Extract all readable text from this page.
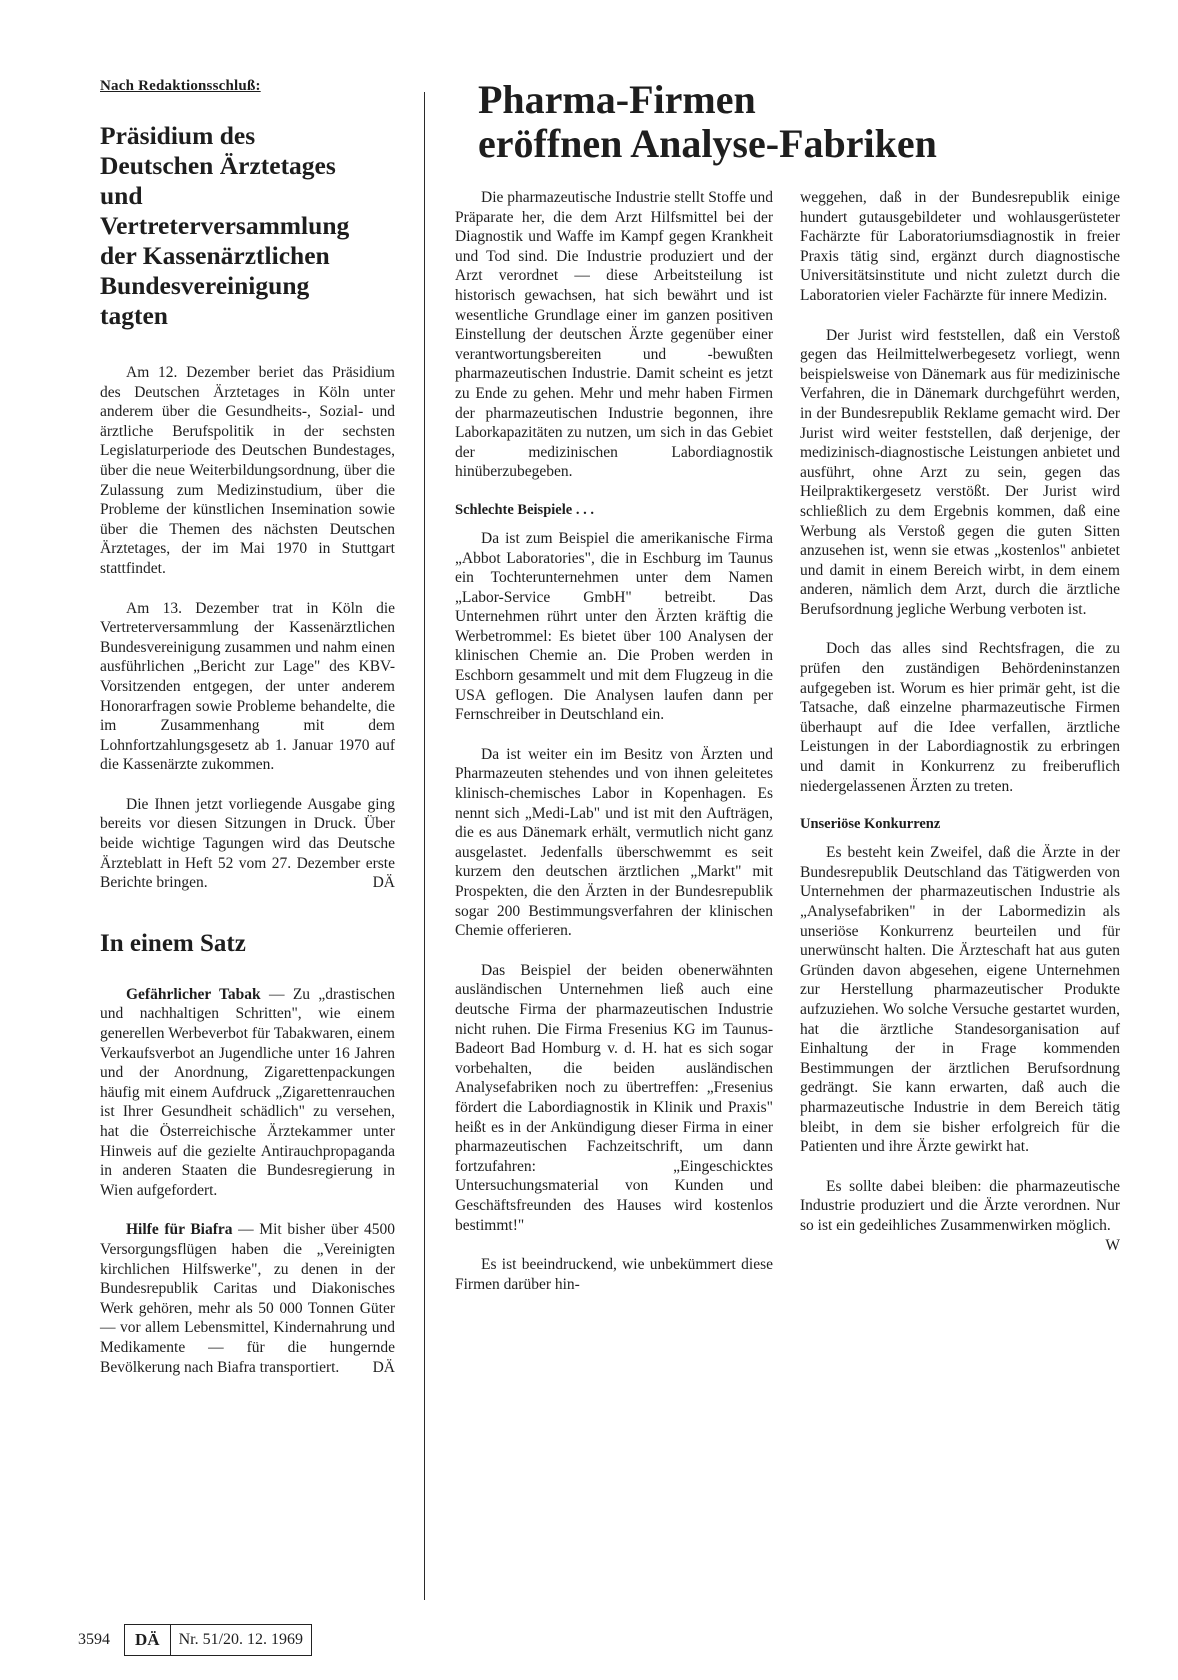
Nach Redaktionsschluß:
Präsidium des
Deutschen Ärztetages
und
Vertreterversammlung
der Kassenärztlichen
Bundesvereinigung
tagten

Am 12. Dezember beriet das Präsidium des Deutschen Ärztetages in Köln unter anderem über die Gesundheits-, Sozial- und ärztliche Berufspolitik in der sechsten Legislaturperiode des Deutschen Bundestages, über die neue Weiterbildungsordnung, über die Zulassung zum Medizinstudium, über die Probleme der künstlichen Insemination sowie über die Themen des nächsten Deutschen Ärztetages, der im Mai 1970 in Stuttgart stattfindet.

Am 13. Dezember trat in Köln die Vertreterversammlung der Kassenärztlichen Bundesvereinigung zusammen und nahm einen ausführlichen „Bericht zur Lage" des KBV-Vorsitzenden entgegen, der unter anderem Honorarfragen sowie Probleme behandelte, die im Zusammenhang mit dem Lohnfortzahlungsgesetz ab 1. Januar 1970 auf die Kassenärzte zukommen.

Die Ihnen jetzt vorliegende Ausgabe ging bereits vor diesen Sitzungen in Druck. Über beide wichtige Tagungen wird das Deutsche Ärzteblatt in Heft 52 vom 27. Dezember erste Berichte bringen.	DÄ

In einem Satz

Gefährlicher Tabak — Zu „drastischen und nachhaltigen Schritten", wie einem generellen Werbeverbot für Tabakwaren, einem Verkaufsverbot an Jugendliche unter 16 Jahren und der Anordnung, Zigarettenpackungen häufig mit einem Aufdruck „Zigarettenrauchen ist Ihrer Gesundheit schädlich" zu versehen, hat die Österreichische Ärztekammer unter Hinweis auf die gezielte Antirauchpropaganda in anderen Staaten die Bundesregierung in Wien aufgefordert.

Hilfe für Biafra — Mit bisher über 4500 Versorgungsflügen haben die „Vereinigten kirchlichen Hilfswerke", zu denen in der Bundesrepublik Caritas und Diakonisches Werk gehören, mehr als 50 000 Tonnen Güter — vor allem Lebensmittel, Kindernahrung und Medikamente — für die hungernde Bevölkerung nach Biafra transportiert.	DÄ

Pharma-Firmen
eröffnen Analyse-Fabriken

Die pharmazeutische Industrie stellt Stoffe und Präparate her, die dem Arzt Hilfsmittel bei der Diagnostik und Waffe im Kampf gegen Krankheit und Tod sind. Die Industrie produziert und der Arzt verordnet — diese Arbeitsteilung ist historisch gewachsen, hat sich bewährt und ist wesentliche Grundlage einer im ganzen positiven Einstellung der deutschen Ärzte gegenüber einer verantwortungsbereiten und -bewußten pharmazeutischen Industrie. Damit scheint es jetzt zu Ende zu gehen. Mehr und mehr haben Firmen der pharmazeutischen Industrie begonnen, ihre Laborkapazitäten zu nutzen, um sich in das Gebiet der medizinischen Labordiagnostik hinüberzubegeben.

Schlechte Beispiele . . .

Da ist zum Beispiel die amerikanische Firma „Abbot Laboratories", die in Eschburg im Taunus ein Tochterunternehmen unter dem Namen „Labor-Service GmbH" betreibt. Das Unternehmen rührt unter den Ärzten kräftig die Werbetrommel: Es bietet über 100 Analysen der klinischen Chemie an. Die Proben werden in Eschborn gesammelt und mit dem Flugzeug in die USA geflogen. Die Analysen laufen dann per Fernschreiber in Deutschland ein.

Da ist weiter ein im Besitz von Ärzten und Pharmazeuten stehendes und von ihnen geleitetes klinisch-chemisches Labor in Kopenhagen. Es nennt sich „Medi-Lab" und ist mit den Aufträgen, die es aus Dänemark erhält, vermutlich nicht ganz ausgelastet. Jedenfalls überschwemmt es seit kurzem den deutschen ärztlichen „Markt" mit Prospekten, die den Ärzten in der Bundesrepublik sogar 200 Bestimmungsverfahren der klinischen Chemie offerieren.

Das Beispiel der beiden obenerwähnten ausländischen Unternehmen ließ auch eine deutsche Firma der pharmazeutischen Industrie nicht ruhen. Die Firma Fresenius KG im Taunus-Badeort Bad Homburg v. d. H. hat es sich sogar vorbehalten, die beiden ausländischen Analysefabriken noch zu übertreffen: „Fresenius fördert die Labordiagnostik in Klinik und Praxis" heißt es in der Ankündigung dieser Firma in einer pharmazeutischen Fachzeitschrift, um dann fortzufahren: „Eingeschicktes Untersuchungsmaterial von Kunden und Geschäftsfreunden des Hauses wird kostenlos bestimmt!"

Es ist beeindruckend, wie unbekümmert diese Firmen darüber hin-

weggehen, daß in der Bundesrepublik einige hundert gutausgebildeter und wohlausgerüsteter Fachärzte für Laboratoriumsdiagnostik in freier Praxis tätig sind, ergänzt durch diagnostische Universitätsinstitute und nicht zuletzt durch die Laboratorien vieler Fachärzte für innere Medizin.

Der Jurist wird feststellen, daß ein Verstoß gegen das Heilmittelwerbegesetz vorliegt, wenn beispielsweise von Dänemark aus für medizinische Verfahren, die in Dänemark durchgeführt werden, in der Bundesrepublik Reklame gemacht wird. Der Jurist wird weiter feststellen, daß derjenige, der medizinisch-diagnostische Leistungen anbietet und ausführt, ohne Arzt zu sein, gegen das Heilpraktikergesetz verstößt. Der Jurist wird schließlich zu dem Ergebnis kommen, daß eine Werbung als Verstoß gegen die guten Sitten anzusehen ist, wenn sie etwas „kostenlos" anbietet und damit in einem Bereich wirbt, in dem einem anderen, nämlich dem Arzt, durch die ärztliche Berufsordnung jegliche Werbung verboten ist.

Doch das alles sind Rechtsfragen, die zu prüfen den zuständigen Behördeninstanzen aufgegeben ist. Worum es hier primär geht, ist die Tatsache, daß einzelne pharmazeutische Firmen überhaupt auf die Idee verfallen, ärztliche Leistungen in der Labordiagnostik zu erbringen und damit in Konkurrenz zu freiberuflich niedergelassenen Ärzten zu treten.

Unseriöse Konkurrenz

Es besteht kein Zweifel, daß die Ärzte in der Bundesrepublik Deutschland das Tätigwerden von Unternehmen der pharmazeutischen Industrie als „Analysefabriken" in der Labormedizin als unseriöse Konkurrenz beurteilen und für unerwünscht halten. Die Ärzteschaft hat aus guten Gründen davon abgesehen, eigene Unternehmen zur Herstellung pharmazeutischer Produkte aufzuziehen. Wo solche Versuche gestartet wurden, hat die ärztliche Standesorganisation auf Einhaltung der in Frage kommenden Bestimmungen der ärztlichen Berufsordnung gedrängt. Sie kann erwarten, daß auch die pharmazeutische Industrie in dem Bereich tätig bleibt, in dem sie bisher erfolgreich für die Patienten und ihre Ärzte gewirkt hat.

Es sollte dabei bleiben: die pharmazeutische Industrie produziert und die Ärzte verordnen. Nur so ist ein gedeihliches Zusammenwirken möglich.
W

3594	DÄ	Nr. 51/20. 12. 1969
